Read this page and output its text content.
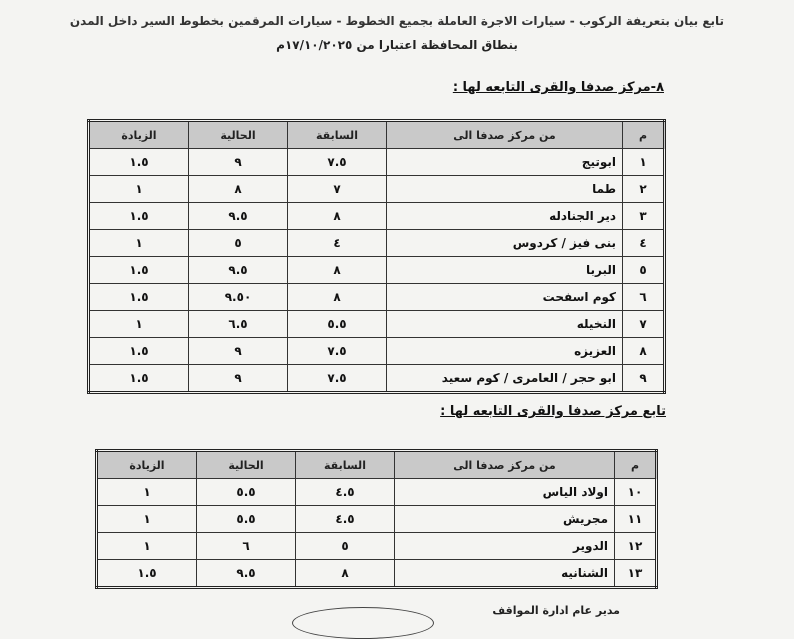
تابع بيان بتعريفة الركوب - سيارات الاجرة العاملة بجميع الخطوط - سيارات المرقمين بخطوط السير داخل المدن
بنطاق المحافظة اعتبارا من ١٧/١٠/٢٠٢٥م
٨-مركز صدفا والقرى التابعه لها :
م	من مركز صدفا الى	السابقة	الحالية	الزيادة
١	ابوتيج	٧.٥	٩	١.٥
٢	طما	٧	٨	١
٣	دير الجنادله	٨	٩.٥	١.٥
٤	بنى فيز / كردوس	٤	٥	١
٥	البربا	٨	٩.٥	١.٥
٦	كوم اسفحت	٨	٩.٥٠	١.٥
٧	النخيله	٥.٥	٦.٥	١
٨	العزيزه	٧.٥	٩	١.٥
٩	ابو حجر / العامرى / كوم سعيد	٧.٥	٩	١.٥
تابع مركز صدفا والقرى التابعه لها :
م	من مركز صدفا الى	السابقة	الحالية	الزيادة
١٠	اولاد الياس	٤.٥	٥.٥	١
١١	مجريش	٤.٥	٥.٥	١
١٢	الدوير	٥	٦	١
١٣	الشنانيه	٨	٩.٥	١.٥
مدير عام ادارة المواقف
